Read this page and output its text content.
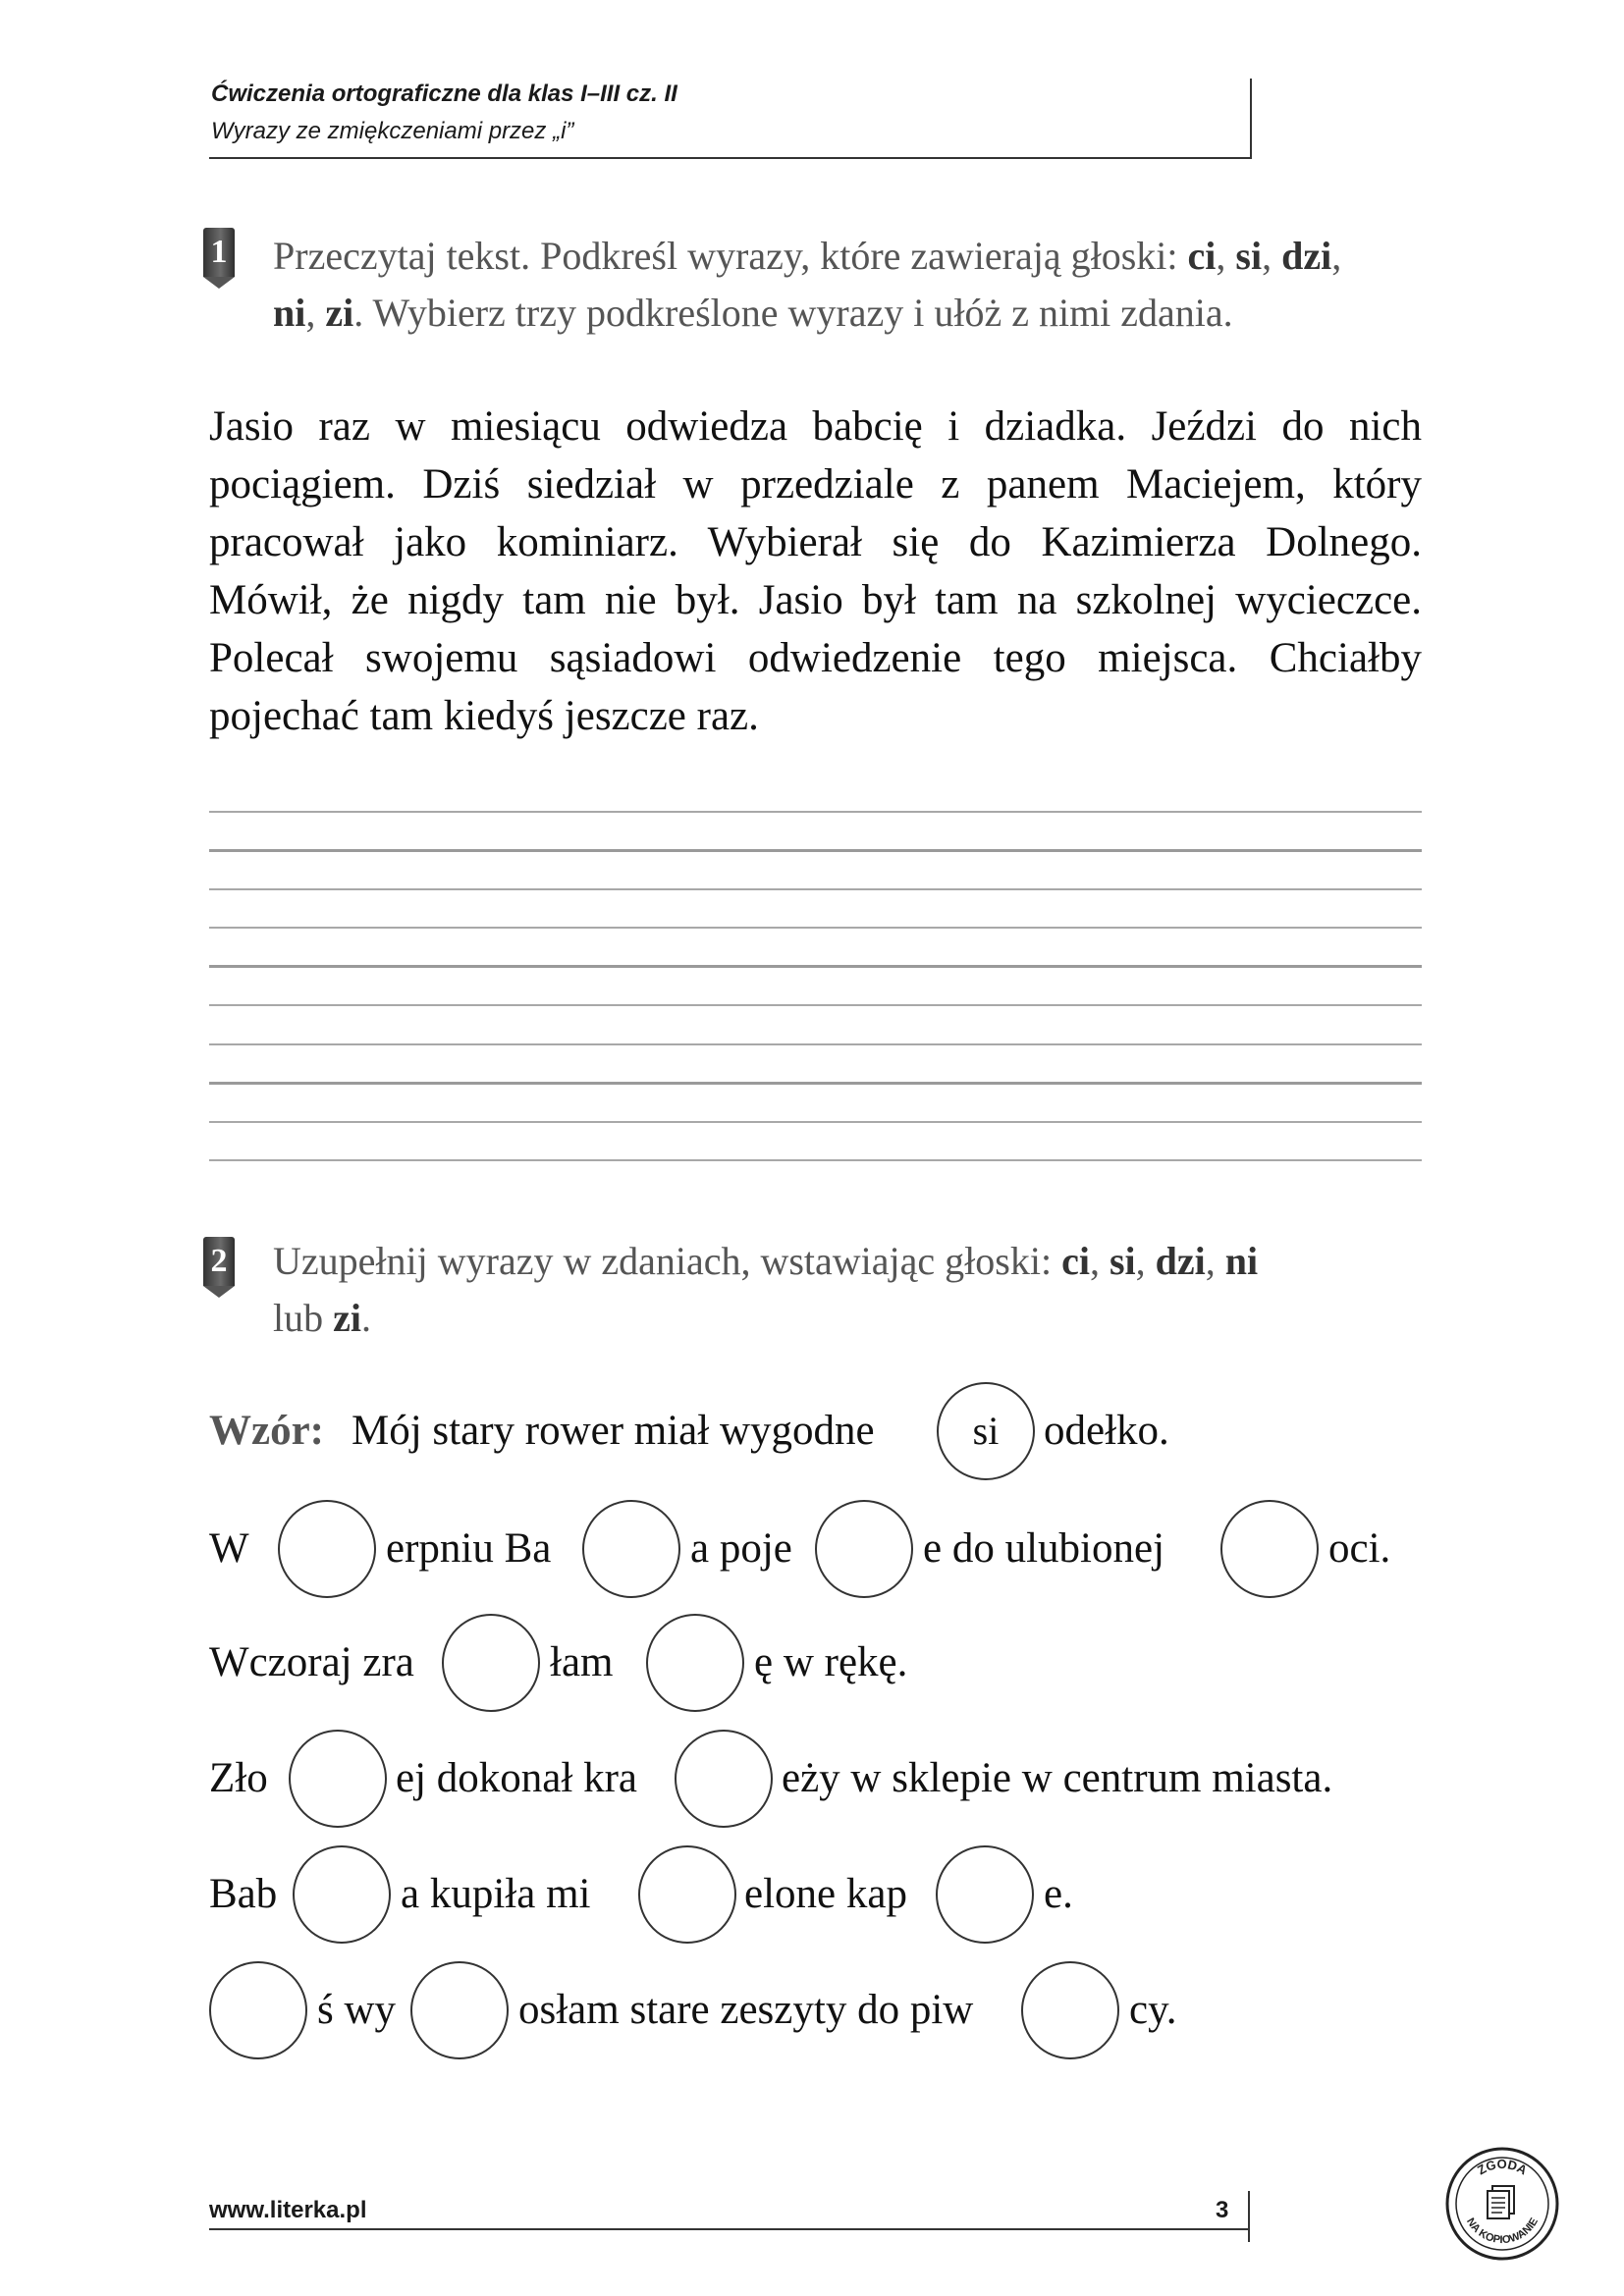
Ćwiczenia ortograficzne dla klas I–III cz. II
Wyrazy ze zmiękczeniami przez „i”
1 Przeczytaj tekst. Podkreśl wyrazy, które zawierają głoski: ci, si, dzi,
ni, zi. Wybierz trzy podkreślone wyrazy i ułóż z nimi zdania.
Jasio raz w miesiącu odwiedza babcię i dziadka. Jeździ do nich
pociągiem. Dziś siedział w przedziale z panem Maciejem, który
pracował jako kominiarz. Wybierał się do Kazimierza Dolnego.
Mówił, że nigdy tam nie był. Jasio był tam na szkolnej wycieczce.
Polecał swojemu sąsiadowi odwiedzenie tego miejsca. Chciałby
pojechać tam kiedyś jeszcze raz.
2 Uzupełnij wyrazy w zdaniach, wstawiając głoski: ci, si, dzi, ni
lub zi.
Wzór: Mój stary rower miał wygodne	si	odełko.
W	erpniu Ba	a poje	e do ulubionej	oci.
Wczoraj zra	łam	ę w rękę.
Zło	ej dokonał kra	eży w sklepie w centrum miasta.
Bab	a kupiła mi	elone kap	e.
ś wy	osłam stare zeszyty do piw	cy.
www.literka.pl	3
ZGODA
NA KOPIOWANIE
